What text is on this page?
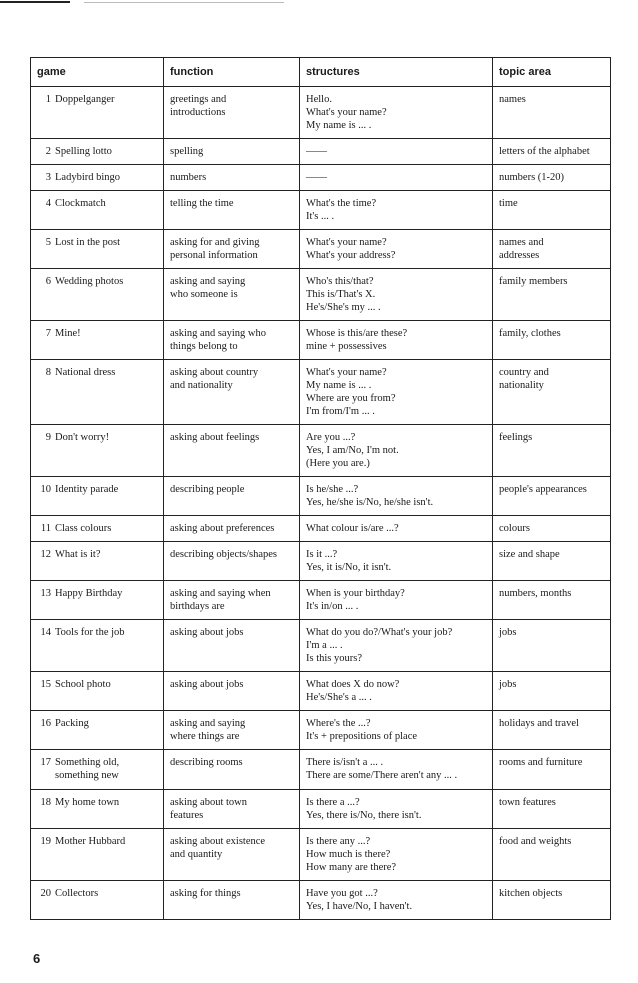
game	function	structures	topic area

1 Doppelganger	greetings and
introductions	Hello.
What's your name?
My name is ... .	names

2 Spelling lotto	spelling	——	letters of the alphabet

3 Ladybird bingo	numbers	——	numbers (1-20)

4 Clockmatch	telling the time	What's the time?
It's ... .	time

5 Lost in the post	asking for and giving
personal information	What's your name?
What's your address?	names and
addresses

6 Wedding photos	asking and saying
who someone is	Who's this/that?
This is/That's X.
He's/She's my ... .	family members

7 Mine!	asking and saying who
things belong to	Whose is this/are these?
mine + possessives	family, clothes

8 National dress	asking about country
and nationality	What's your name?
My name is ... .
Where are you from?
I'm from/I'm ... .	country and
nationality

9 Don't worry!	asking about feelings	Are you ...?
Yes, I am/No, I'm not.
(Here you are.)	feelings

10 Identity parade	describing people	Is he/she ...?
Yes, he/she is/No, he/she isn't.	people's appearances

11 Class colours	asking about preferences	What colour is/are ...?	colours

12 What is it?	describing objects/shapes	Is it ...?
Yes, it is/No, it isn't.	size and shape

13 Happy Birthday	asking and saying when
birthdays are	When is your birthday?
It's in/on ... .	numbers, months

14 Tools for the job	asking about jobs	What do you do?/What's your job?
I'm a ... .
Is this yours?	jobs

15 School photo	asking about jobs	What does X do now?
He's/She's a ... .	jobs

16 Packing	asking and saying
where things are	Where's the ...?
It's + prepositions of place	holidays and travel

17 Something old,
something new	describing rooms	There is/isn't a ... .
There are some/There aren't any ... .	rooms and furniture

18 My home town	asking about town
features	Is there a ...?
Yes, there is/No, there isn't.	town features

19 Mother Hubbard	asking about existence
and quantity	Is there any ...?
How much is there?
How many are there?	food and weights

20 Collectors	asking for things	Have you got ...?
Yes, I have/No, I haven't.	kitchen objects
6
